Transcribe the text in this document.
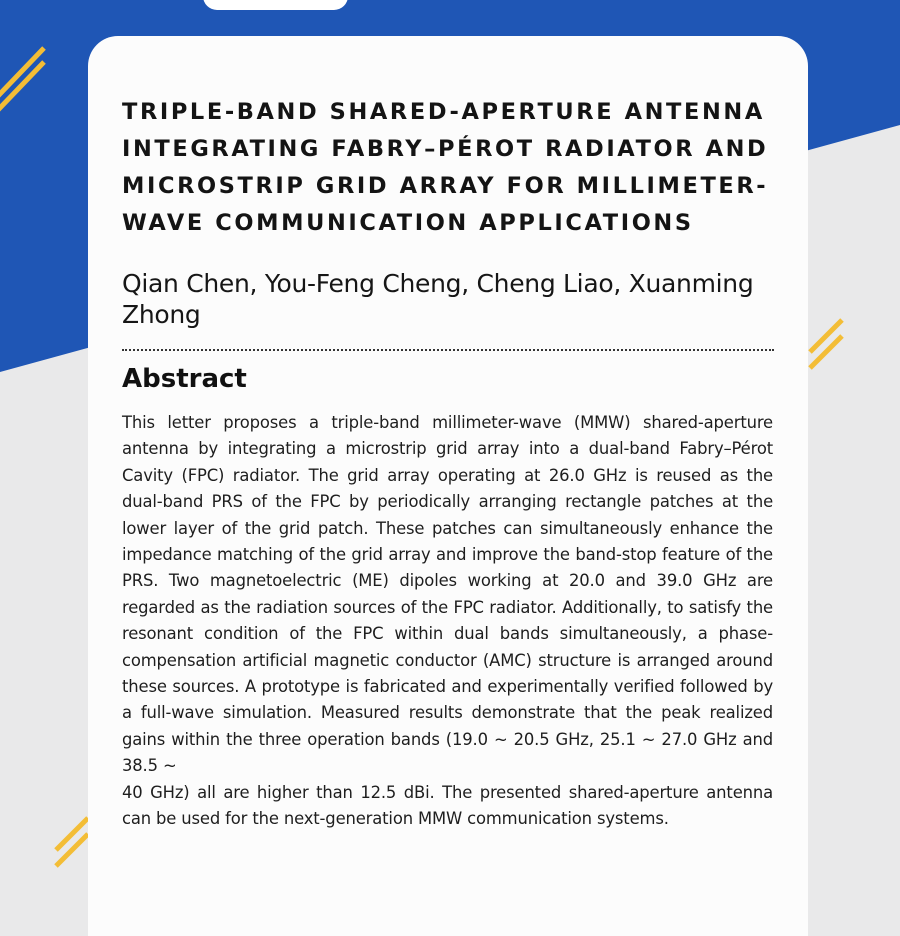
TRIPLE-BAND SHARED-APERTURE ANTENNA INTEGRATING FABRY–PÉROT RADIATOR AND MICROSTRIP GRID ARRAY FOR MILLIMETER-WAVE COMMUNICATION APPLICATIONS

Qian Chen, You-Feng Cheng, Cheng Liao, Xuanming Zhong

Abstract
This letter proposes a triple-band millimeter-wave (MMW) shared-aperture antenna by integrating a microstrip grid array into a dual-band Fabry–Pérot Cavity (FPC) radiator. The grid array operating at 26.0 GHz is reused as the dual-band PRS of the FPC by periodically arranging rectangle patches at the lower layer of the grid patch. These patches can simultaneously enhance the impedance matching of the grid array and improve the band-stop feature of the PRS. Two magnetoelectric (ME) dipoles working at 20.0 and 39.0 GHz are regarded as the radiation sources of the FPC radiator. Additionally, to satisfy the resonant condition of the FPC within dual bands simultaneously, a phase-compensation artificial magnetic conductor (AMC) structure is arranged around these sources. A prototype is fabricated and experimentally verified followed by a full-wave simulation. Measured results demonstrate that the peak realized gains within the three operation bands (19.0 ~ 20.5 GHz, 25.1 ~ 27.0 GHz and 38.5 ~
40 GHz) all are higher than 12.5 dBi. The presented shared-aperture antenna can be used for the next-generation MMW communication systems.
